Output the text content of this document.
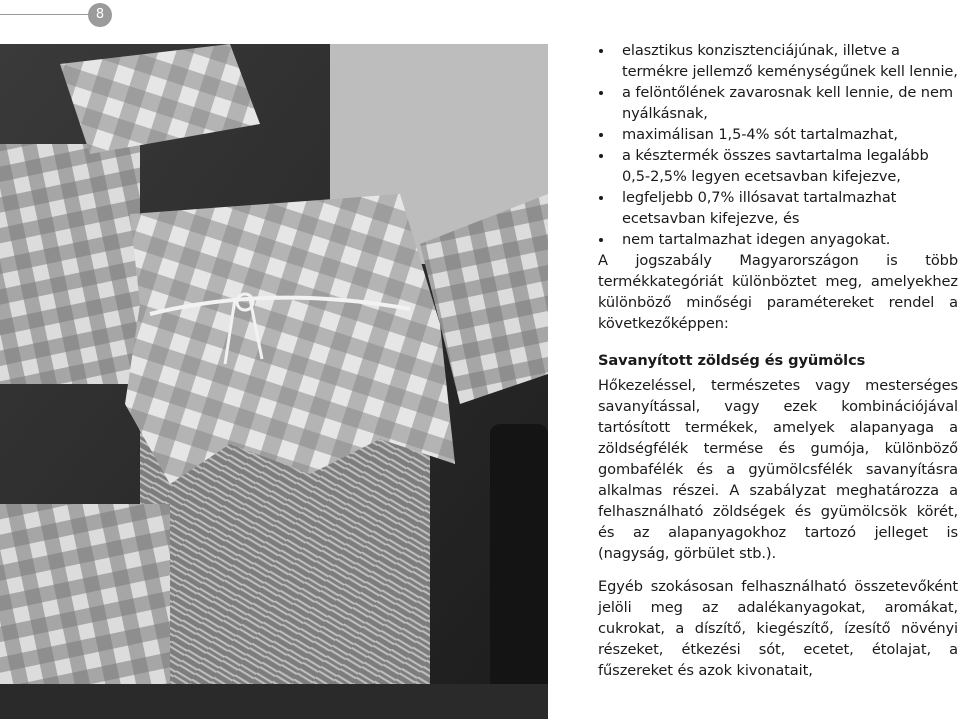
8
elasztikus konzisztenciájúnak, illetve a termékre jellemző keménységűnek kell lennie,
a felöntőlének zavarosnak kell lennie, de nem nyálkásnak,
maximálisan 1,5-4% sót tartalmazhat,
a késztermék összes savtartalma legalább 0,5-2,5% legyen ecetsavban kifejezve,
legfeljebb 0,7% illósavat tartalmazhat ecetsavban kifejezve, és
nem tartalmazhat idegen anyagokat.

A jogszabály Magyarországon is több termékkategóriát különböztet meg, amelyekhez különböző minőségi paramétereket rendel a következőképpen:

Savanyított zöldség és gyümölcs

Hőkezeléssel, természetes vagy mesterséges savanyítással, vagy ezek kombinációjával tartósított termékek, amelyek alapanyaga a zöldségfélék termése és gumója, különböző gombafélék és a gyümölcsfélék savanyításra alkalmas részei. A szabályzat meghatározza a felhasználható zöldségek és gyümölcsök körét, és az alapanyagokhoz tartozó jelleget is (nagyság, görbület stb.).

Egyéb szokásosan felhasználható összetevőként jelöli meg az adalékanyagokat, aromákat, cukrokat, a díszítő, kiegészítő, ízesítő növényi részeket, étkezési sót, ecetet, étolajat, a fűszereket és azok kivonatait,
